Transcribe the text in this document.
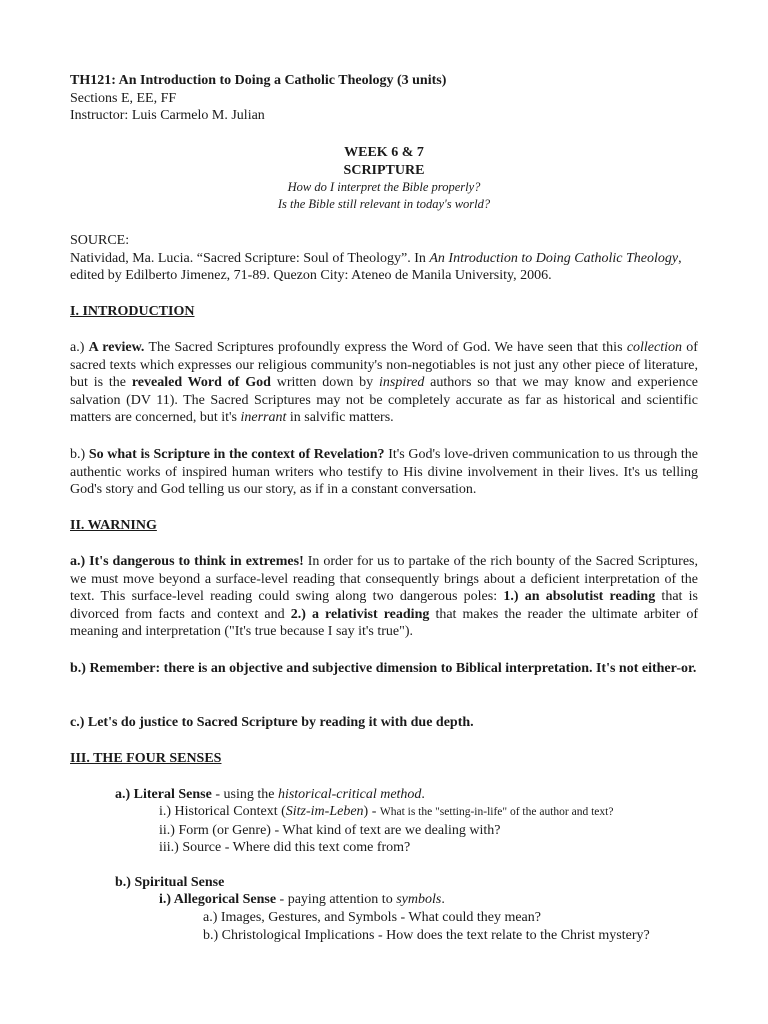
TH121: An Introduction to Doing a Catholic Theology (3 units)

Sections E, EE, FF

Instructor: Luis Carmelo M. Julian

WEEK 6 & 7

SCRIPTURE

How do I interpret the Bible properly?

Is the Bible still relevant in today's world?

SOURCE:

Natividad, Ma. Lucia. “Sacred Scripture: Soul of Theology”. In An Introduction to Doing Catholic Theology, edited by Edilberto Jimenez, 71-89. Quezon City: Ateneo de Manila University, 2006.

I. INTRODUCTION

a.) A review. The Sacred Scriptures profoundly express the Word of God. We have seen that this collection of sacred texts which expresses our religious community's non-negotiables is not just any other piece of literature, but is the revealed Word of God written down by inspired authors so that we may know and experience salvation (DV 11). The Sacred Scriptures may not be completely accurate as far as historical and scientific matters are concerned, but it's inerrant in salvific matters.

b.) So what is Scripture in the context of Revelation? It's God's love-driven communication to us through the authentic works of inspired human writers who testify to His divine involvement in their lives. It's us telling God's story and God telling us our story, as if in a constant conversation.

II. WARNING

a.) It's dangerous to think in extremes! In order for us to partake of the rich bounty of the Sacred Scriptures, we must move beyond a surface-level reading that consequently brings about a deficient interpretation of the text. This surface-level reading could swing along two dangerous poles: 1.) an absolutist reading that is divorced from facts and context and 2.) a relativist reading that makes the reader the ultimate arbiter of meaning and interpretation ("It's true because I say it's true").

b.) Remember: there is an objective and subjective dimension to Biblical interpretation. It's not either-or.

c.) Let's do justice to Sacred Scripture by reading it with due depth.

III. THE FOUR SENSES

a.) Literal Sense - using the historical-critical method.

i.) Historical Context (Sitz-im-Leben) - What is the "setting-in-life" of the author and text?

ii.) Form (or Genre) - What kind of text are we dealing with?

iii.) Source - Where did this text come from?

b.) Spiritual Sense

i.) Allegorical Sense - paying attention to symbols.

a.) Images, Gestures, and Symbols - What could they mean?

b.) Christological Implications - How does the text relate to the Christ mystery?
